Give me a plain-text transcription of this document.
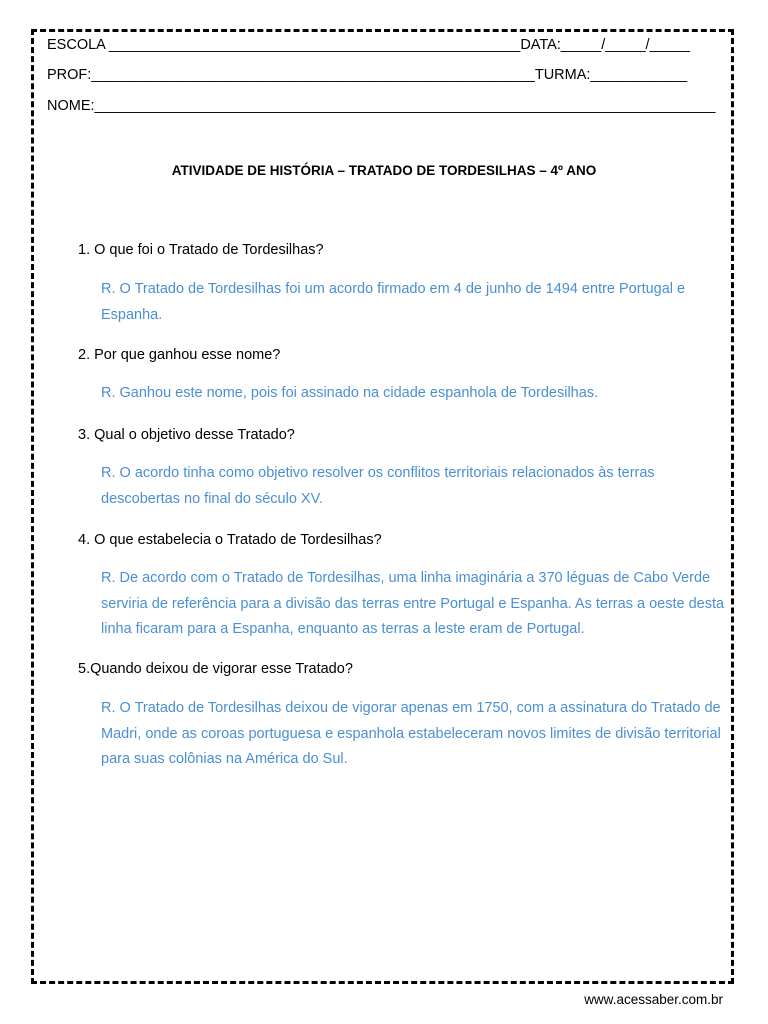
ESCOLA ___________________________________________________DATA:_____/_____/_____
PROF:_______________________________________________________TURMA:____________
NOME:_____________________________________________________________________________
ATIVIDADE DE HISTÓRIA – TRATADO DE TORDESILHAS – 4º ANO
1. O que foi o Tratado de Tordesilhas?
R. O Tratado de Tordesilhas foi um acordo firmado em 4 de junho de 1494 entre Portugal e Espanha.
2. Por que ganhou esse nome?
R. Ganhou este nome, pois foi assinado na cidade espanhola de Tordesilhas.
3. Qual o objetivo desse Tratado?
R. O acordo tinha como objetivo resolver os conflitos territoriais relacionados às terras descobertas no final do século XV.
4. O que estabelecia o Tratado de Tordesilhas?
R. De acordo com o Tratado de Tordesilhas, uma linha imaginária a 370 léguas de Cabo Verde serviria de referência para a divisão das terras entre Portugal e Espanha. As terras a oeste desta linha ficaram para a Espanha, enquanto as terras a leste eram de Portugal.
5.Quando deixou de vigorar esse Tratado?
R. O Tratado de Tordesilhas deixou de vigorar apenas em 1750, com a assinatura do Tratado de Madri, onde as coroas portuguesa e espanhola estabeleceram novos limites de divisão territorial para suas colônias na América do Sul.
www.acessaber.com.br
